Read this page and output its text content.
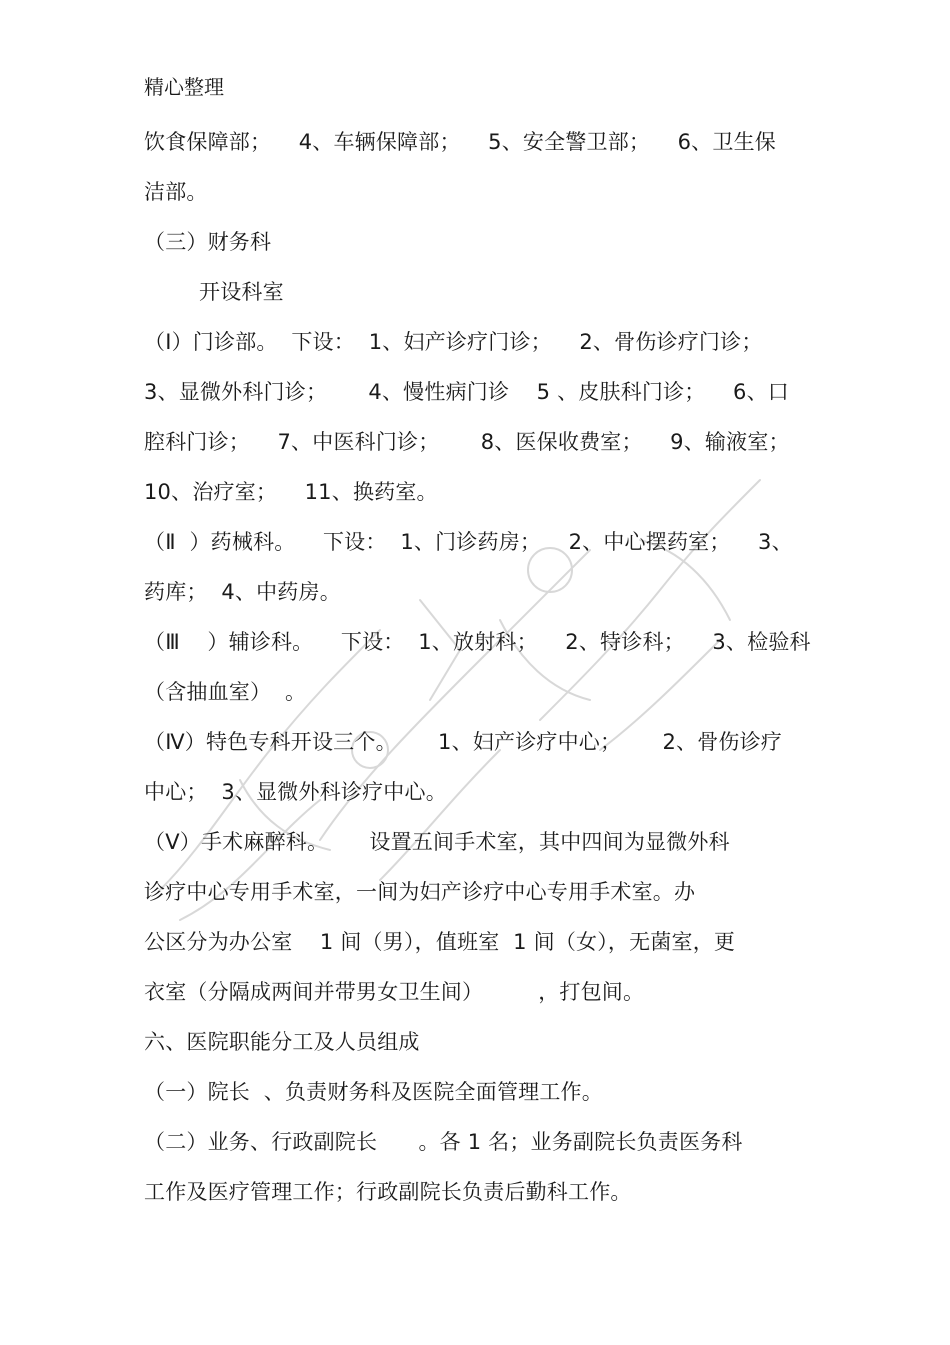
精心整理
饮食保障部；    4、车辆保障部；    5、安全警卫部；    6、卫生保
洁部。
（三）财务科
开设科室
（Ⅰ）门诊部。  下设：  1、妇产诊疗门诊；    2、骨伤诊疗门诊；
3、显微外科门诊；      4、慢性病门诊    5 、皮肤科门诊；    6、口
腔科门诊；    7、中医科门诊；      8、医保收费室；    9、输液室；
10、治疗室；    11、换药室。
（Ⅱ  ）药械科。    下设：  1、门诊药房；    2、中心摆药室；    3、
药库；  4、中药房。
（Ⅲ    ）辅诊科。    下设：  1、放射科；    2、特诊科；    3、检验科
（含抽血室）  。
（Ⅳ）特色专科开设三个。      1、妇产诊疗中心；      2、骨伤诊疗
中心；  3、显微外科诊疗中心。
（Ⅴ）手术麻醉科。      设置五间手术室，其中四间为显微外科
诊疗中心专用手术室，一间为妇产诊疗中心专用手术室。办
公区分为办公室    1 间（男），值班室  1 间（女），无菌室，更
衣室（分隔成两间并带男女卫生间）        ，打包间。
六、医院职能分工及人员组成
（一）院长  、负责财务科及医院全面管理工作。
（二）业务、行政副院长      。各 1 名；业务副院长负责医务科
工作及医疗管理工作；行政副院长负责后勤科工作。
